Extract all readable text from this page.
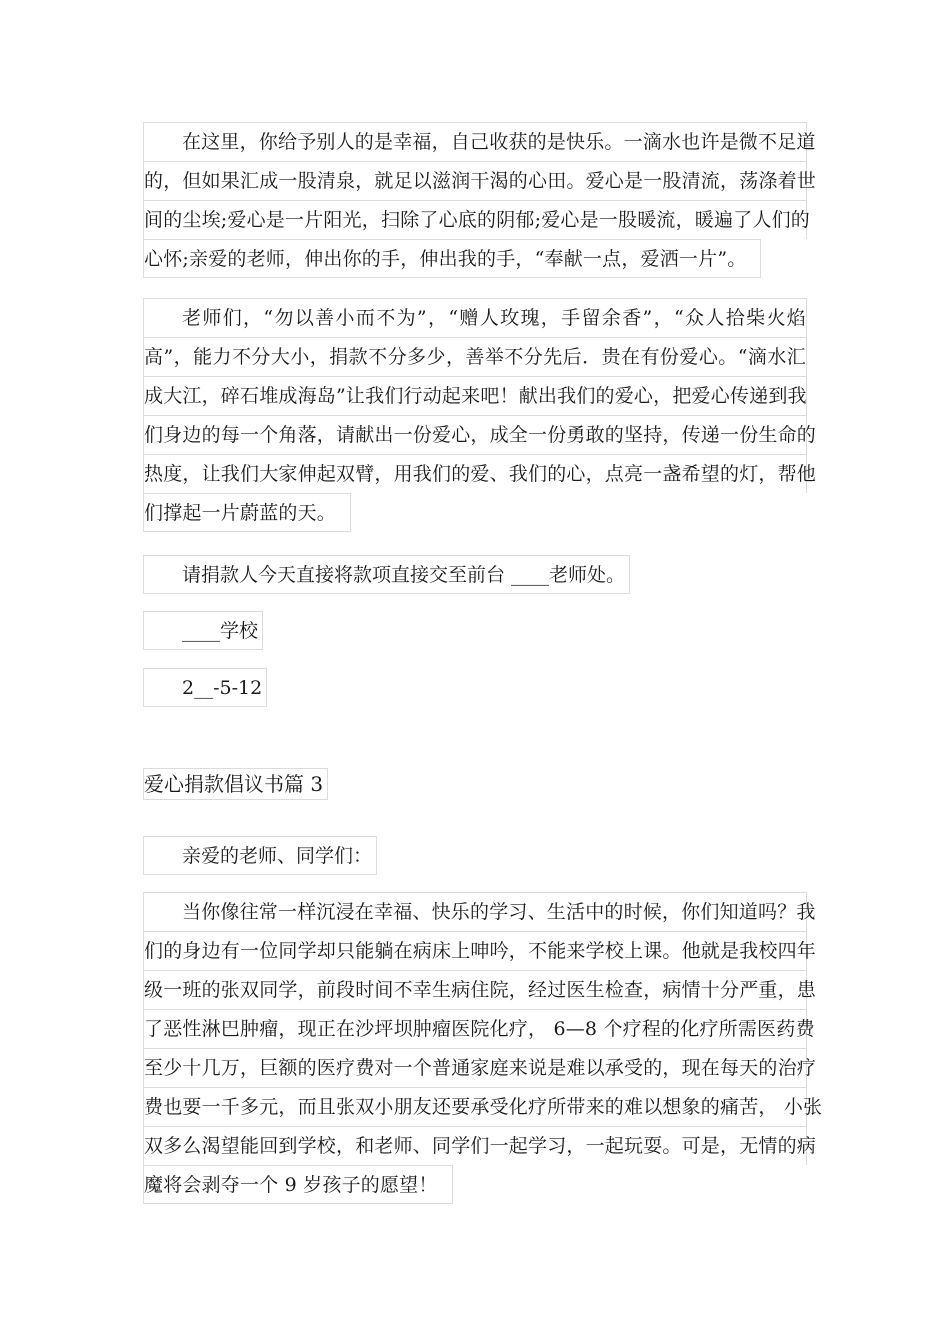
在这里，你给予别人的是幸福，自己收获的是快乐。一滴水也许是微不足道
的，但如果汇成一股清泉，就足以滋润干渴的心田。爱心是一股清流，荡涤着世
间的尘埃;爱心是一片阳光，扫除了心底的阴郁;爱心是一股暖流，暖遍了人们的
心怀;亲爱的老师，伸出你的手，伸出我的手，“奉献一点，爱洒一片”。
老师们，“勿以善小而不为”，“赠人玫瑰，手留余香”，“众人拾柴火焰
高”，能力不分大小，捐款不分多少，善举不分先后．贵在有份爱心。“滴水汇
成大江，碎石堆成海岛”让我们行动起来吧！献出我们的爱心，把爱心传递到我
们身边的每一个角落，请献出一份爱心，成全一份勇敢的坚持，传递一份生命的
热度，让我们大家伸起双臂，用我们的爱、我们的心，点亮一盏希望的灯，帮他
们撑起一片蔚蓝的天。
请捐款人今天直接将款项直接交至前台 ____老师处。
____学校
2__-5-12
爱心捐款倡议书篇 3
亲爱的老师、同学们：
当你像往常一样沉浸在幸福、快乐的学习、生活中的时候，你们知道吗？我
们的身边有一位同学却只能躺在病床上呻吟，不能来学校上课。他就是我校四年
级一班的张双同学，前段时间不幸生病住院，经过医生检查，病情十分严重，患
了恶性淋巴肿瘤，现正在沙坪坝肿瘤医院化疗， 6—8 个疗程的化疗所需医药费
至少十几万，巨额的医疗费对一个普通家庭来说是难以承受的，现在每天的治疗
费也要一千多元，而且张双小朋友还要承受化疗所带来的难以想象的痛苦， 小张
双多么渴望能回到学校，和老师、同学们一起学习，一起玩耍。可是，无情的病
魔将会剥夺一个 9 岁孩子的愿望！
